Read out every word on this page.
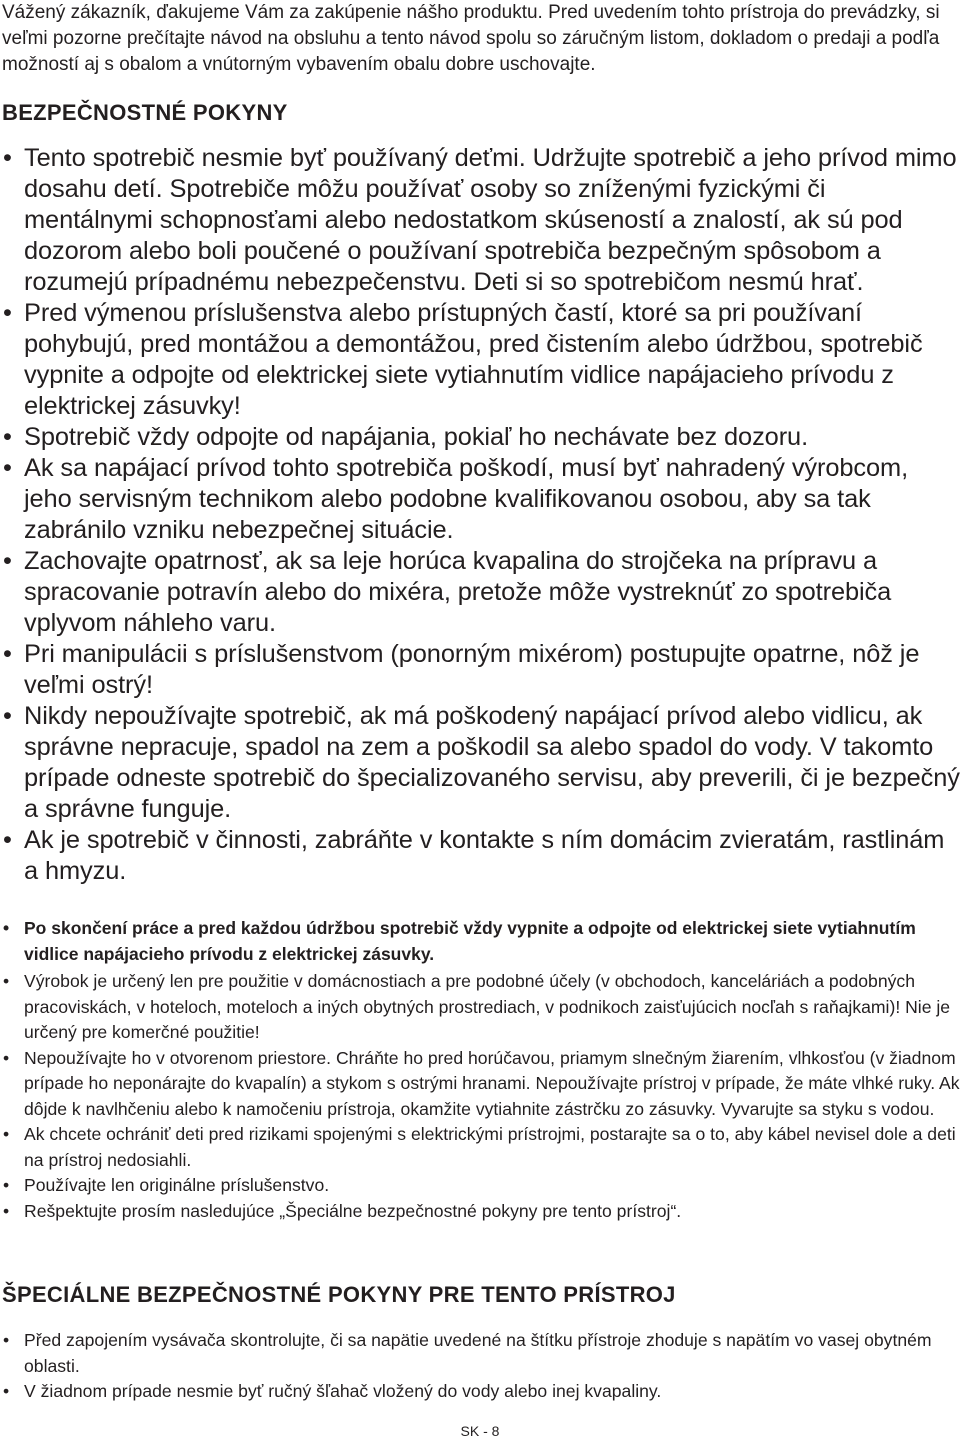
Vážený zákazník, ďakujeme Vám za zakúpenie nášho produktu. Pred uvedením tohto prístroja do prevádzky, si veľmi pozorne prečítajte návod na obsluhu a tento návod spolu so záručným listom, dokladom o predaji a podľa možností aj s obalom a vnútorným vybavením obalu dobre uschovajte.

BEZPEČNOSTNÉ POKYNY
• Tento spotrebič nesmie byť používaný deťmi. Udržujte spotrebič a jeho prívod mimo dosahu detí. Spotrebiče môžu používať osoby so zníženými fyzickými či mentálnymi schopnosťami alebo nedostatkom skúseností a znalostí, ak sú pod dozorom alebo boli poučené o používaní spotrebiča bezpečným spôsobom a rozumejú prípadnému nebezpečenstvu. Deti si so spotrebičom nesmú hrať.
• Pred výmenou príslušenstva alebo prístupných častí, ktoré sa pri používaní pohybujú, pred montážou a demontážou, pred čistením alebo údržbou, spotrebič vypnite a odpojte od elektrickej siete vytiahnutím vidlice napájacieho prívodu z elektrickej zásuvky!
• Spotrebič vždy odpojte od napájania, pokiaľ ho nechávate bez dozoru.
• Ak sa napájací prívod tohto spotrebiča poškodí, musí byť nahradený výrobcom, jeho servisným technikom alebo podobne kvalifikovanou osobou, aby sa tak zabránilo vzniku nebezpečnej situácie.
• Zachovajte opatrnosť, ak sa leje horúca kvapalina do strojčeka na prípravu a spracovanie potravín alebo do mixéra, pretože môže vystreknúť zo spotrebiča vplyvom náhleho varu.
• Pri manipulácii s príslušenstvom (ponorným mixérom) postupujte opatrne, nôž je veľmi ostrý!
• Nikdy nepoužívajte spotrebič, ak má poškodený napájací prívod alebo vidlicu, ak správne nepracuje, spadol na zem a poškodil sa alebo spadol do vody. V takomto prípade odneste spotrebič do špecializovaného servisu, aby preverili, či je bezpečný a správne funguje.
• Ak je spotrebič v činnosti, zabráňte v kontakte s ním domácim zvieratám, rastlinám a hmyzu.
• Po skončení práce a pred každou údržbou spotrebič vždy vypnite a odpojte od elektrickej siete vytiahnutím vidlice napájacieho prívodu z elektrickej zásuvky.
• Výrobok je určený len pre použitie v domácnostiach a pre podobné účely (v obchodoch, kanceláriách a podobných pracoviskách, v hoteloch, moteloch a iných obytných prostrediach, v podnikoch zaisťujúcich nocľah s raňajkami)! Nie je určený pre komerčné použitie!
• Nepoužívajte ho v otvorenom priestore. Chráňte ho pred horúčavou, priamym slnečným žiarením, vlhkosťou (v žiadnom prípade ho neponárajte do kvapalín) a stykom s ostrými hranami. Nepoužívajte prístroj v prípade, že máte vlhké ruky. Ak dôjde k navlhčeniu alebo k namočeniu prístroja, okamžite vytiahnite zástrčku zo zásuvky. Vyvarujte sa styku s vodou.
• Ak chcete ochrániť deti pred rizikami spojenými s elektrickými prístrojmi, postarajte sa o to, aby kábel nevisel dole a deti na prístroj nedosiahli.
• Používajte len originálne príslušenstvo.
• Rešpektujte prosím nasledujúce „Špeciálne bezpečnostné pokyny pre tento prístroj“.
ŠPECIÁLNE BEZPEČNOSTNÉ POKYNY PRE TENTO PRÍSTROJ
• Před zapojením vysávača skontrolujte, či sa napätie uvedené na štítku přístroje zhoduje s napätím vo vasej obytném oblasti.
• V žiadnom prípade nesmie byť ručný šľahač vložený do vody alebo inej kvapaliny.

SK - 8
